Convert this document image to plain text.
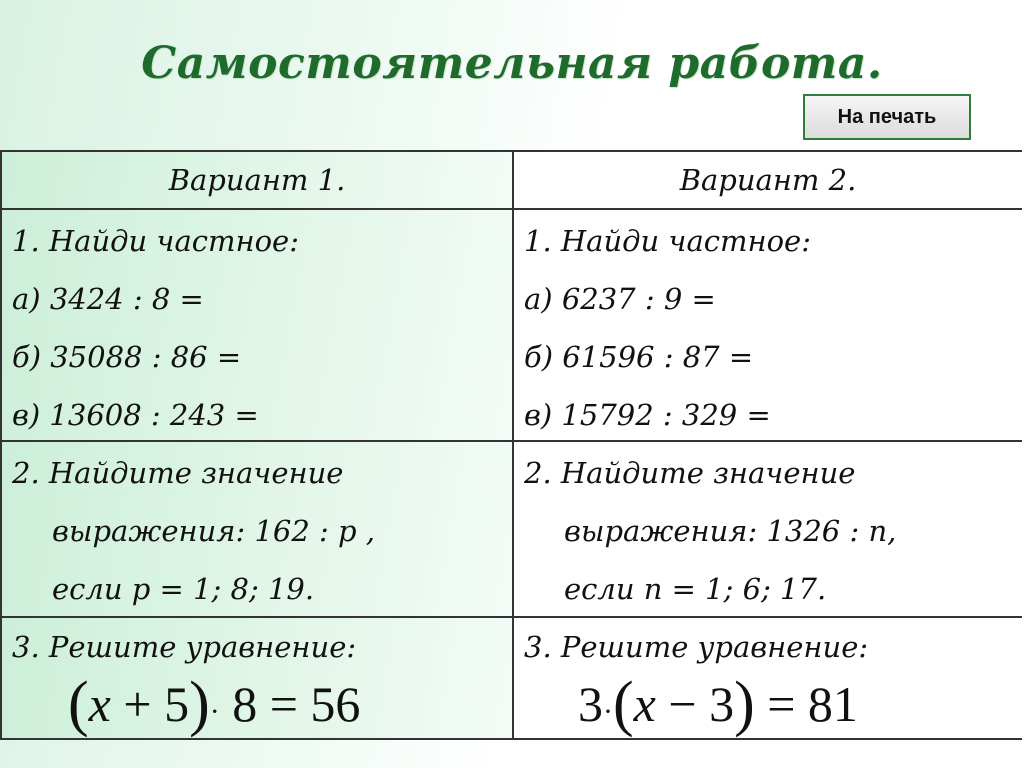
Самостоятельная работа.
На печать
Вариант 1.	Вариант 2.
1. Найди частное:
а) 3424 : 8 =
б) 35088 : 86 =
в) 13608 : 243 =
1. Найди частное:
а) 6237 : 9 =
б) 61596 : 87 =
в) 15792 : 329 =
2. Найдите значение
выражения: 162 : р ,
если р = 1; 8; 19.
2. Найдите значение
выражения: 1326 : п,
если п = 1; 6; 17.
3. Решите уравнение:
(x + 5)· 8 = 56
3. Решите уравнение:
3·(x − 3) = 81
